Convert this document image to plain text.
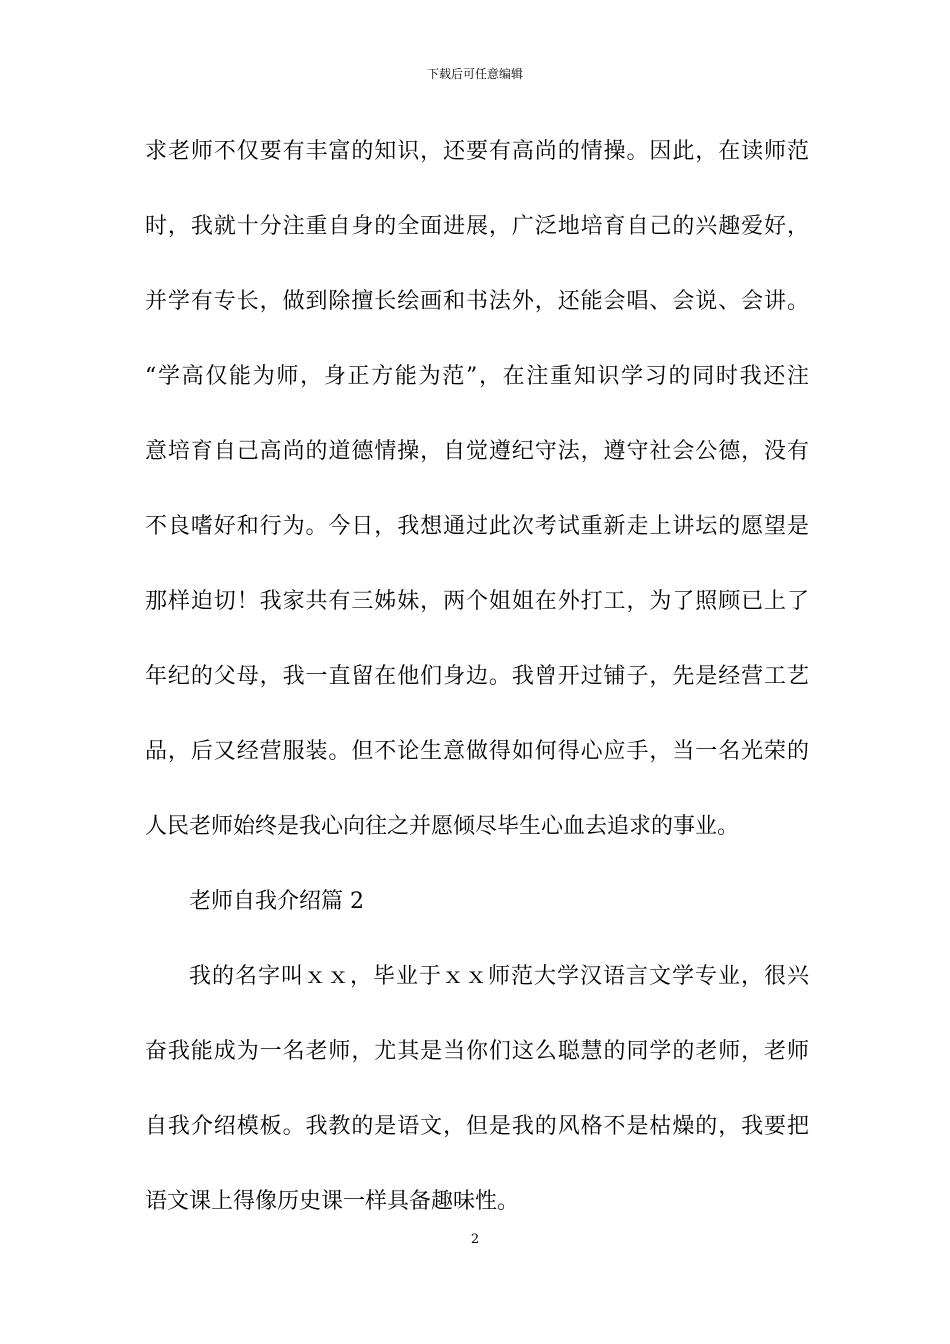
下载后可任意编辑
求老师不仅要有丰富的知识，还要有高尚的情操。因此，在读师范
时，我就十分注重自身的全面进展，广泛地培育自己的兴趣爱好，
并学有专长，做到除擅长绘画和书法外，还能会唱、会说、会讲。
“学高仅能为师，身正方能为范”，在注重知识学习的同时我还注
意培育自己高尚的道德情操，自觉遵纪守法，遵守社会公德，没有
不良嗜好和行为。今日，我想通过此次考试重新走上讲坛的愿望是
那样迫切！我家共有三姊妹，两个姐姐在外打工，为了照顾已上了
年纪的父母，我一直留在他们身边。我曾开过铺子，先是经营工艺
品，后又经营服装。但不论生意做得如何得心应手，当一名光荣的
人民老师始终是我心向往之并愿倾尽毕生心血去追求的事业。
老师自我介绍篇 2
我的名字叫ｘｘ，毕业于ｘｘ师范大学汉语言文学专业，很兴
奋我能成为一名老师，尤其是当你们这么聪慧的同学的老师，老师
自我介绍模板。我教的是语文，但是我的风格不是枯燥的，我要把
语文课上得像历史课一样具备趣味性。
2
